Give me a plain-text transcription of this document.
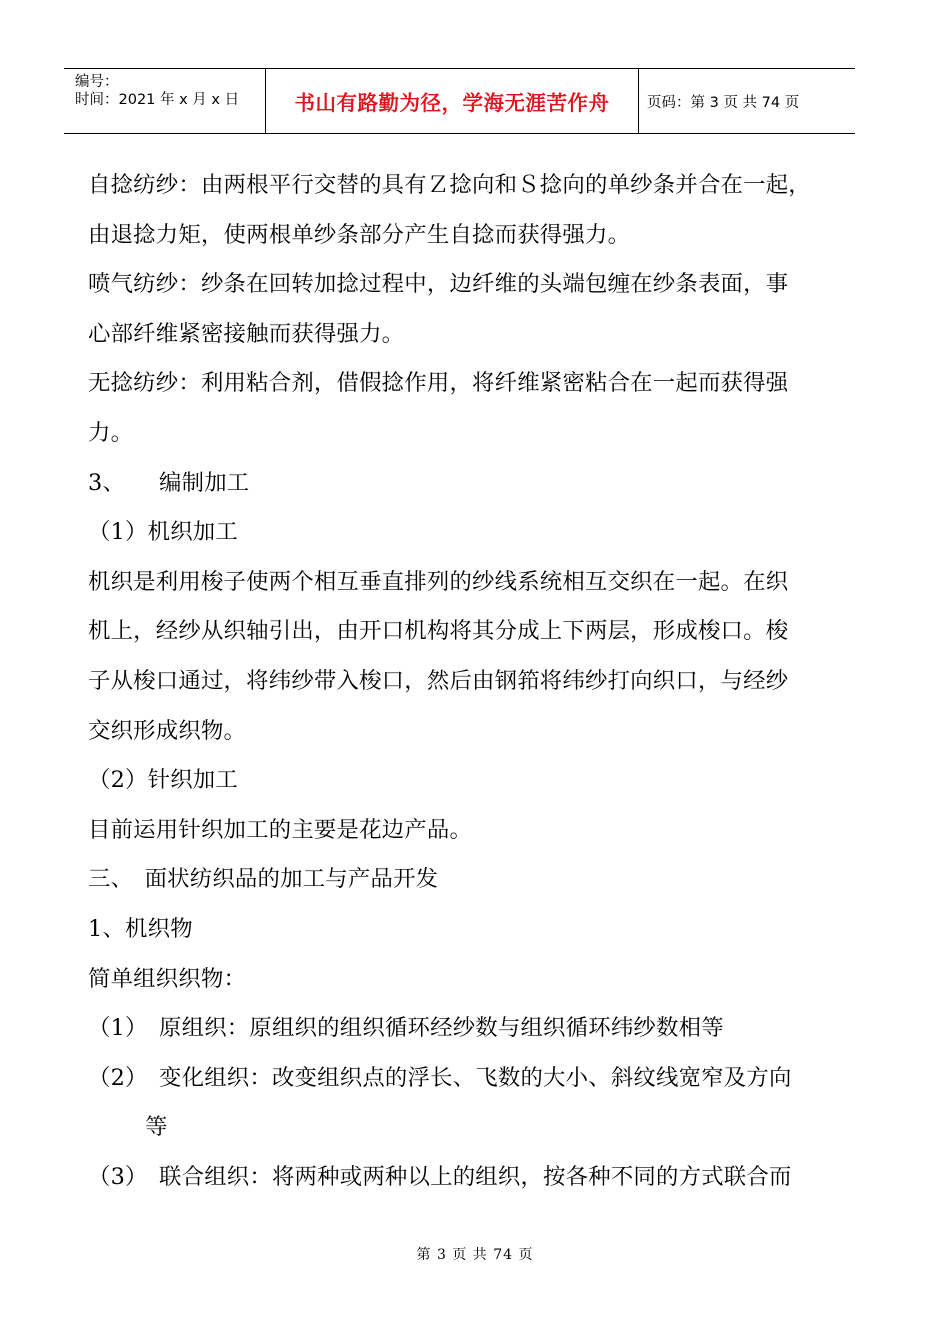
编号：
时间：2021 年 x 月 x 日	书山有路勤为径，学海无涯苦作舟	页码：第 3 页 共 74 页
自捻纺纱：由两根平行交替的具有Ｚ捻向和Ｓ捻向的单纱条并合在一起，
由退捻力矩，使两根单纱条部分产生自捻而获得强力。
喷气纺纱：纱条在回转加捻过程中，边纤维的头端包缠在纱条表面，事
心部纤维紧密接触而获得强力。
无捻纺纱：利用粘合剂，借假捻作用，将纤维紧密粘合在一起而获得强
力。
3、　　编制加工
（1）机织加工
机织是利用梭子使两个相互垂直排列的纱线系统相互交织在一起。在织
机上，经纱从织轴引出，由开口机构将其分成上下两层，形成梭口。梭
子从梭口通过，将纬纱带入梭口，然后由钢筘将纬纱打向织口，与经纱
交织形成织物。
（2）针织加工
目前运用针织加工的主要是花边产品。
三、　面状纺织品的加工与产品开发
1、机织物
简单组织织物：
（1）　原组织：原组织的组织循环经纱数与组织循环纬纱数相等
（2）　变化组织：改变组织点的浮长、飞数的大小、斜纹线宽窄及方向
等
（3）　联合组织：将两种或两种以上的组织，按各种不同的方式联合而
第 3 页 共 74 页
